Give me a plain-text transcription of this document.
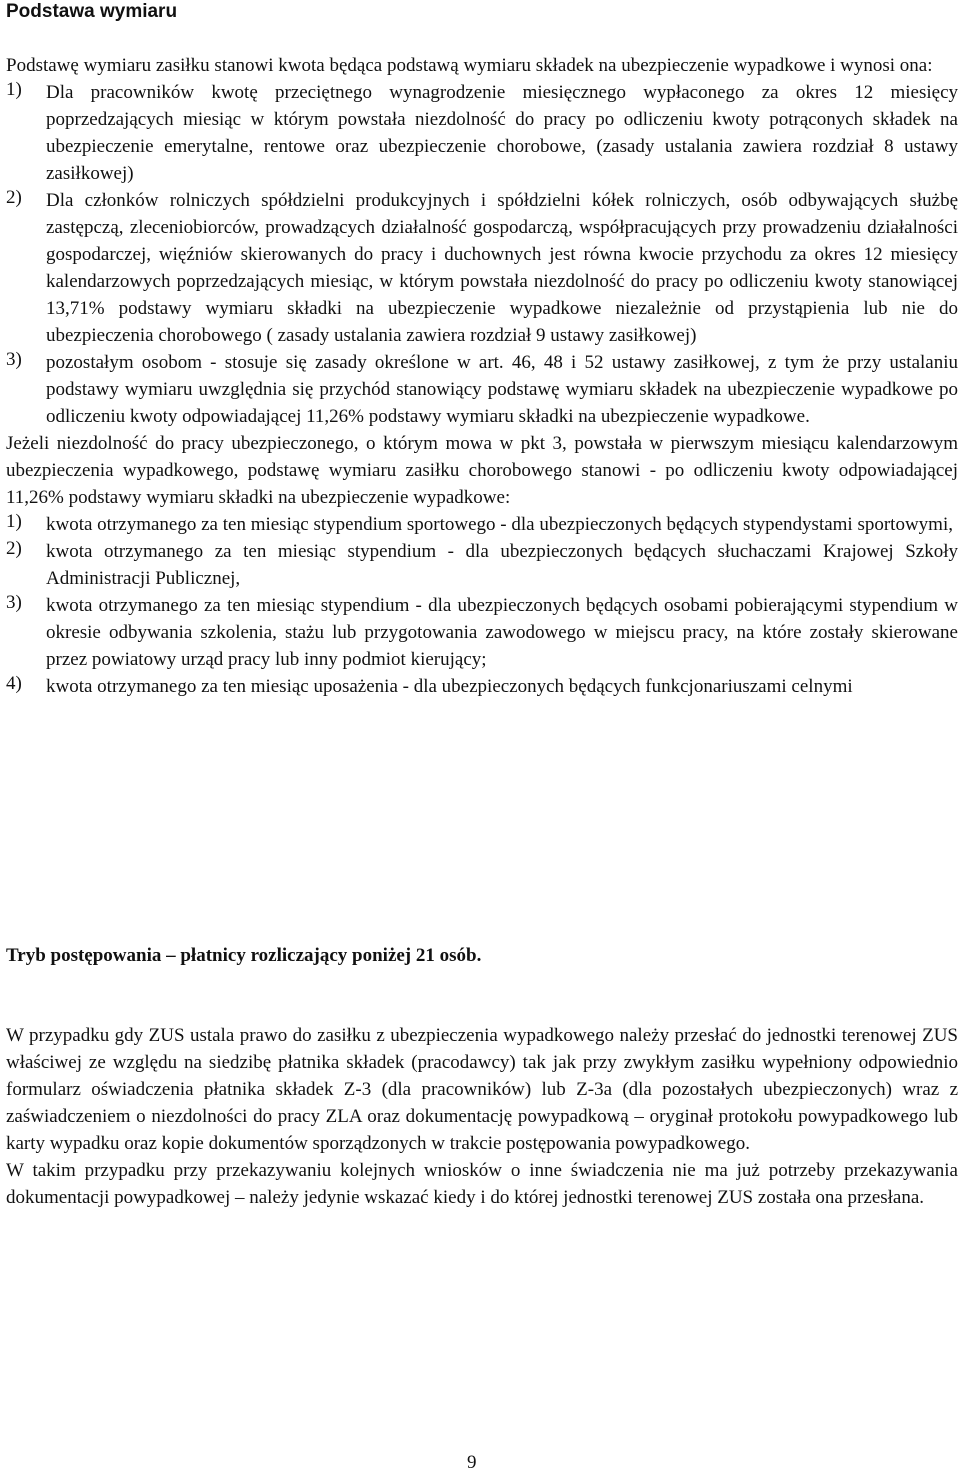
Podstawa wymiaru

Podstawę wymiaru zasiłku stanowi kwota będąca podstawą wymiaru składek na ubezpieczenie wypadkowe i wynosi ona:

1)	Dla pracowników kwotę przeciętnego wynagrodzenie miesięcznego wypłaconego za okres 12 miesięcy poprzedzających miesiąc w którym powstała niezdolność do pracy po odliczeniu kwoty potrąconych składek na ubezpieczenie emerytalne, rentowe oraz ubezpieczenie chorobowe, (zasady ustalania zawiera rozdział 8 ustawy zasiłkowej)
2)	Dla członków rolniczych spółdzielni produkcyjnych i spółdzielni kółek rolniczych, osób odbywających służbę zastępczą, zleceniobiorców, prowadzących działalność gospodarczą, współpracujących przy prowadzeniu działalności gospodarczej, więźniów skierowanych do pracy i duchownych jest równa kwocie przychodu za okres 12 miesięcy kalendarzowych poprzedzających miesiąc, w którym powstała niezdolność do pracy po odliczeniu kwoty stanowiącej 13,71% podstawy wymiaru składki na ubezpieczenie wypadkowe niezależnie od przystąpienia lub nie do ubezpieczenia chorobowego ( zasady ustalania zawiera rozdział 9 ustawy zasiłkowej)
3)	pozostałym osobom - stosuje się zasady określone w art. 46, 48 i 52 ustawy zasiłkowej, z tym że przy ustalaniu podstawy wymiaru uwzględnia się przychód stanowiący podstawę wymiaru składek na ubezpieczenie wypadkowe po odliczeniu kwoty odpowiadającej 11,26% podstawy wymiaru składki na ubezpieczenie wypadkowe.

Jeżeli niezdolność do pracy ubezpieczonego, o którym mowa w pkt 3, powstała w pierwszym miesiącu kalendarzowym ubezpieczenia wypadkowego, podstawę wymiaru zasiłku chorobowego stanowi - po odliczeniu kwoty odpowiadającej 11,26% podstawy wymiaru składki na ubezpieczenie wypadkowe:

1)	kwota otrzymanego za ten miesiąc stypendium sportowego - dla ubezpieczonych będących stypendystami sportowymi,
2)	kwota otrzymanego za ten miesiąc stypendium - dla ubezpieczonych będących słuchaczami Krajowej Szkoły Administracji Publicznej,
3)	kwota otrzymanego za ten miesiąc stypendium - dla ubezpieczonych będących osobami pobierającymi stypendium w okresie odbywania szkolenia, stażu lub przygotowania zawodowego w miejscu pracy, na które zostały skierowane przez powiatowy urząd pracy lub inny podmiot kierujący;
4)	kwota otrzymanego za ten miesiąc uposażenia - dla ubezpieczonych będących funkcjonariuszami celnymi
Tryb postępowania – płatnicy rozliczający poniżej 21 osób.

W przypadku gdy ZUS ustala prawo do zasiłku z ubezpieczenia wypadkowego należy przesłać do jednostki terenowej ZUS właściwej ze względu na siedzibę płatnika składek (pracodawcy) tak jak przy zwykłym zasiłku wypełniony odpowiednio formularz oświadczenia płatnika składek Z-3 (dla pracowników) lub Z-3a (dla pozostałych ubezpieczonych) wraz z zaświadczeniem o niezdolności do pracy ZLA oraz dokumentację powypadkową – oryginał protokołu powypadkowego lub karty wypadku oraz kopie dokumentów sporządzonych w trakcie postępowania powypadkowego.

W takim przypadku przy przekazywaniu kolejnych wniosków o inne świadczenia nie ma już potrzeby przekazywania dokumentacji powypadkowej – należy jedynie wskazać kiedy i do której jednostki terenowej ZUS została ona przesłana.

9
